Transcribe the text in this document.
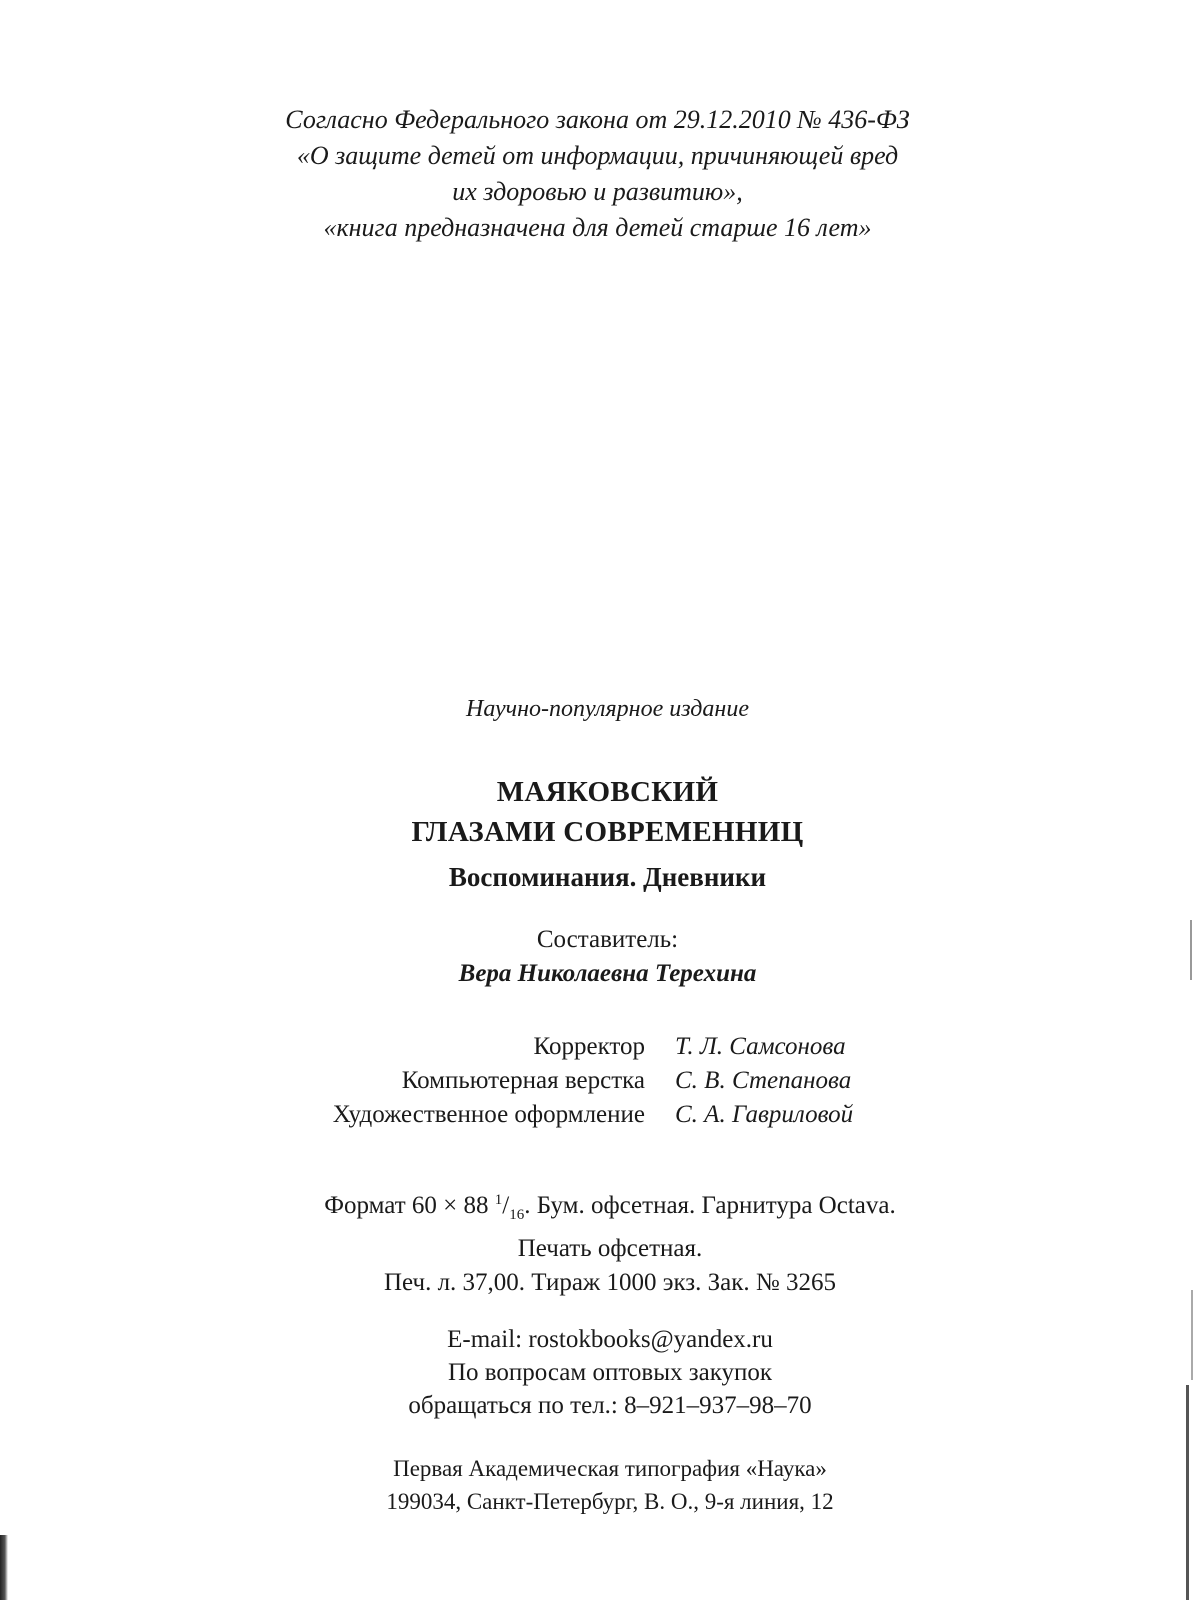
Согласно Федерального закона от 29.12.2010 № 436-ФЗ
«О защите детей от информации, причиняющей вред
их здоровью и развитию»,
«книга предназначена для детей старше 16 лет»
Научно-популярное издание
МАЯКОВСКИЙ
ГЛАЗАМИ СОВРЕМЕННИЦ
Воспоминания. Дневники
Составитель:
Вера Николаевна Терехина
Корректор
Компьютерная верстка
Художественное оформление
Т. Л. Самсонова
С. В. Степанова
С. А. Гавриловой
Формат 60 × 88 $^1/_{16}$. Бум. офсетная. Гарнитура Octava.
Печать офсетная.
Печ. л. 37,00. Тираж 1000 экз. Зак. № 3265
E-mail: rostokbooks@yandex.ru
По вопросам оптовых закупок
обращаться по тел.: 8–921–937–98–70
Первая Академическая типография «Наука»
199034, Санкт-Петербург, В. О., 9-я линия, 12
